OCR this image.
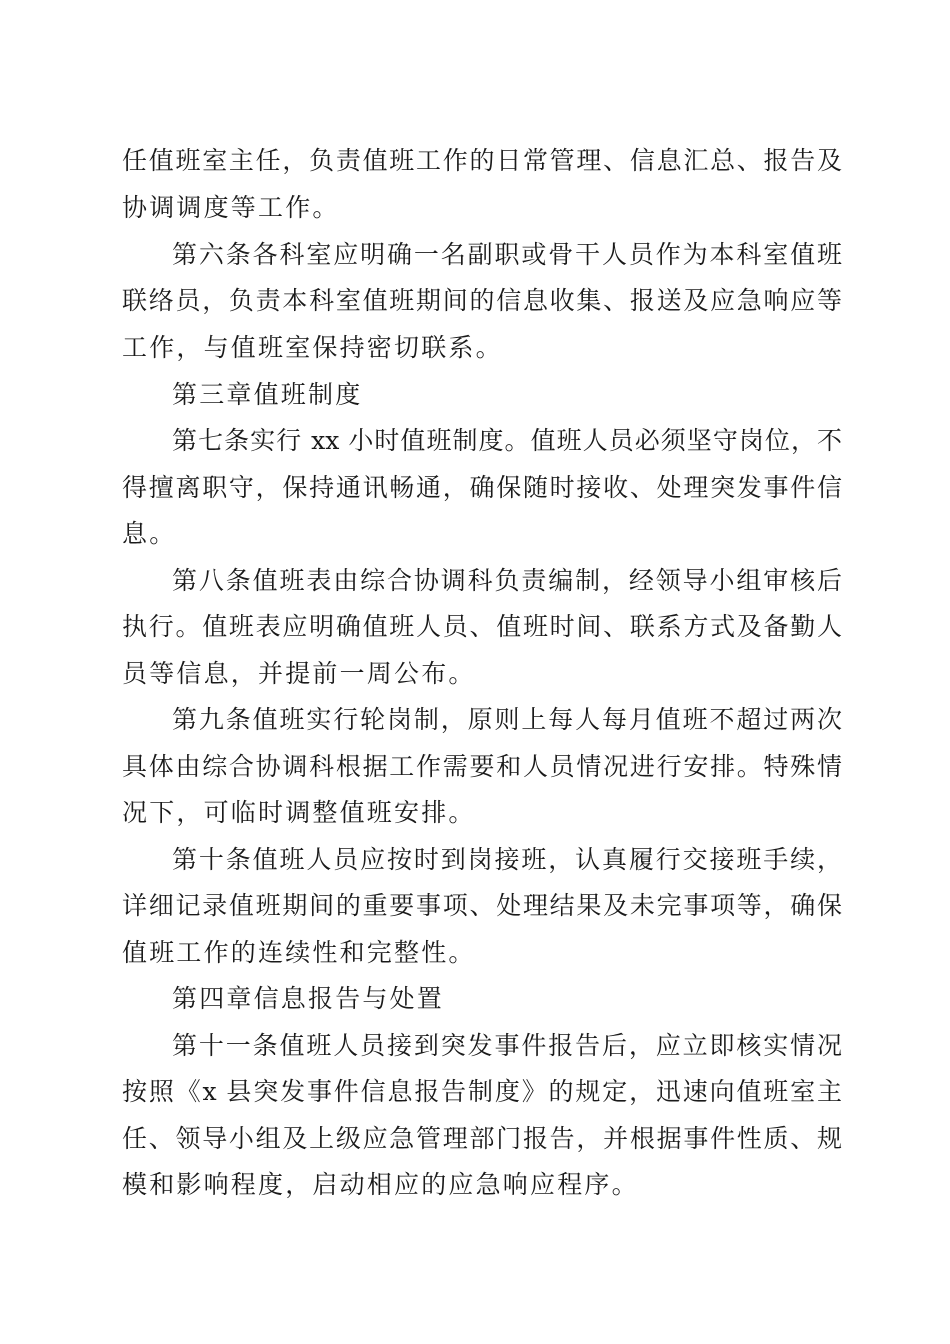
任值班室主任，负责值班工作的日常管理、信息汇总、报告及
协调调度等工作。
第六条各科室应明确一名副职或骨干人员作为本科室值班
联络员，负责本科室值班期间的信息收集、报送及应急响应等
工作，与值班室保持密切联系。
第三章值班制度
第七条实行 xx 小时值班制度。值班人员必须坚守岗位，不
得擅离职守，保持通讯畅通，确保随时接收、处理突发事件信
息。
第八条值班表由综合协调科负责编制，经领导小组审核后
执行。值班表应明确值班人员、值班时间、联系方式及备勤人
员等信息，并提前一周公布。
第九条值班实行轮岗制，原则上每人每月值班不超过两次
具体由综合协调科根据工作需要和人员情况进行安排。特殊情
况下，可临时调整值班安排。
第十条值班人员应按时到岗接班，认真履行交接班手续，
详细记录值班期间的重要事项、处理结果及未完事项等，确保
值班工作的连续性和完整性。
第四章信息报告与处置
第十一条值班人员接到突发事件报告后，应立即核实情况
按照《x 县突发事件信息报告制度》的规定，迅速向值班室主
任、领导小组及上级应急管理部门报告，并根据事件性质、规
模和影响程度，启动相应的应急响应程序。
